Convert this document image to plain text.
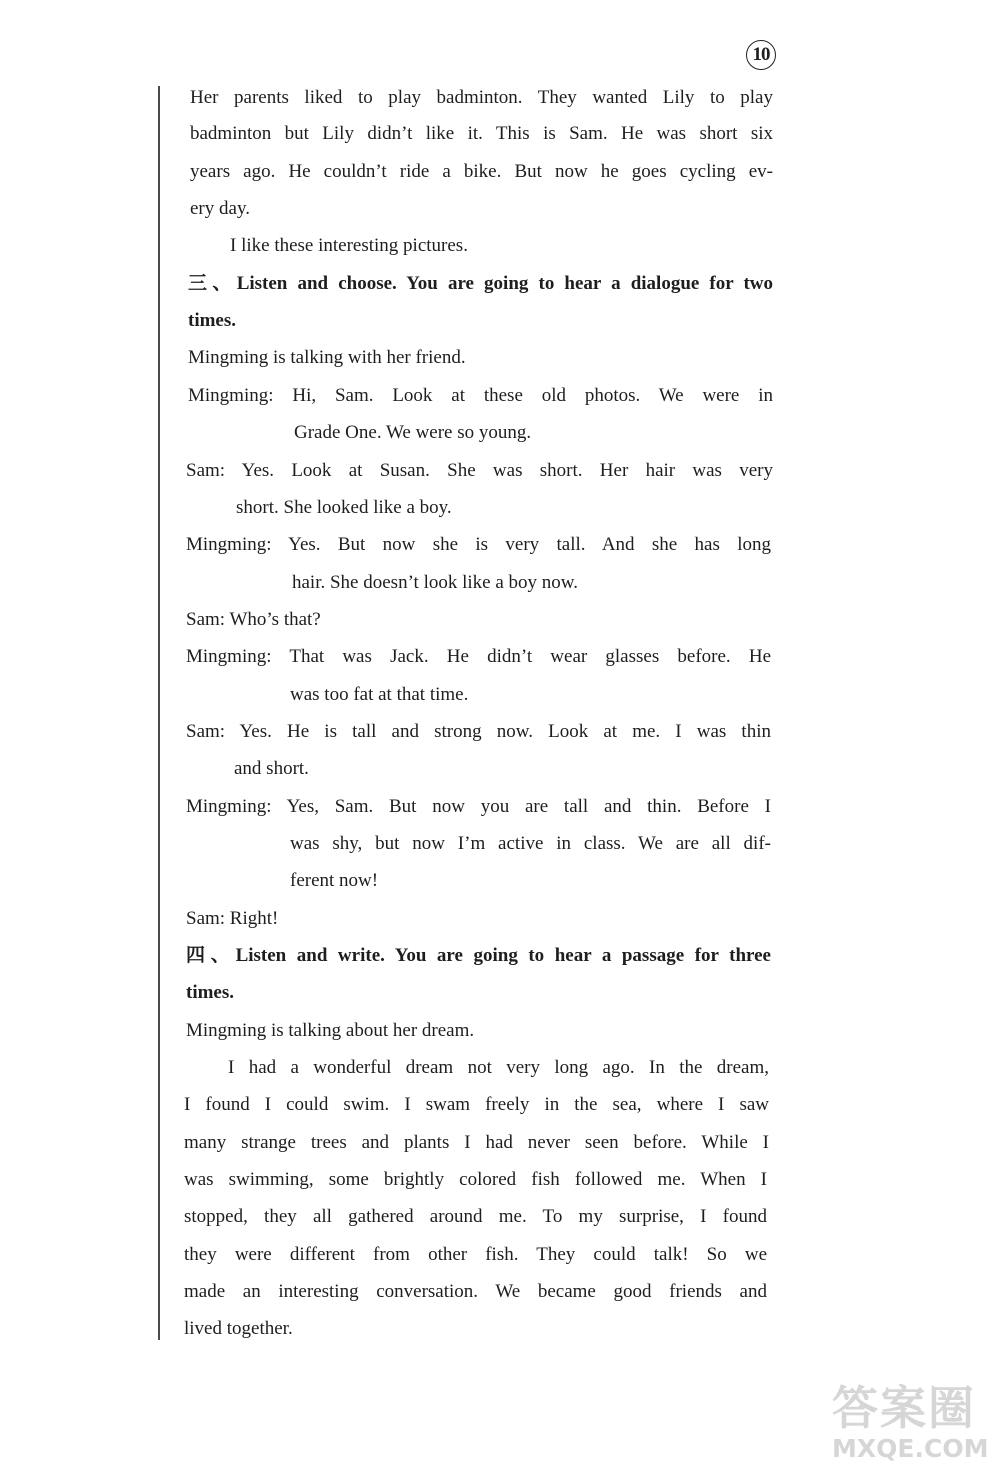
10
Her parents liked to play badminton. They wanted Lily to play
badminton but Lily didn’t like it. This is Sam. He was short six
years ago. He couldn’t ride a bike. But now he goes cycling ev-
ery day.
I like these interesting pictures.
三、Listen and choose. You are going to hear a dialogue for two
times.
Mingming is talking with her friend.
Mingming: Hi, Sam. Look at these old photos. We were in
Grade One. We were so young.
Sam: Yes. Look at Susan. She was short. Her hair was very
short. She looked like a boy.
Mingming: Yes. But now she is very tall. And she has long
hair. She doesn’t look like a boy now.
Sam: Who’s that?
Mingming: That was Jack. He didn’t wear glasses before. He
was too fat at that time.
Sam: Yes. He is tall and strong now. Look at me. I was thin
and short.
Mingming: Yes, Sam. But now you are tall and thin. Before I
was shy, but now I’m active in class. We are all dif-
ferent now!
Sam: Right!
四、Listen and write. You are going to hear a passage for three
times.
Mingming is talking about her dream.
I had a wonderful dream not very long ago. In the dream,
I found I could swim. I swam freely in the sea, where I saw
many strange trees and plants I had never seen before. While I
was swimming, some brightly colored fish followed me. When I
stopped, they all gathered around me. To my surprise, I found
they were different from other fish. They could talk! So we
made an interesting conversation. We became good friends and
lived together.
答案圈
MXQE.COM
